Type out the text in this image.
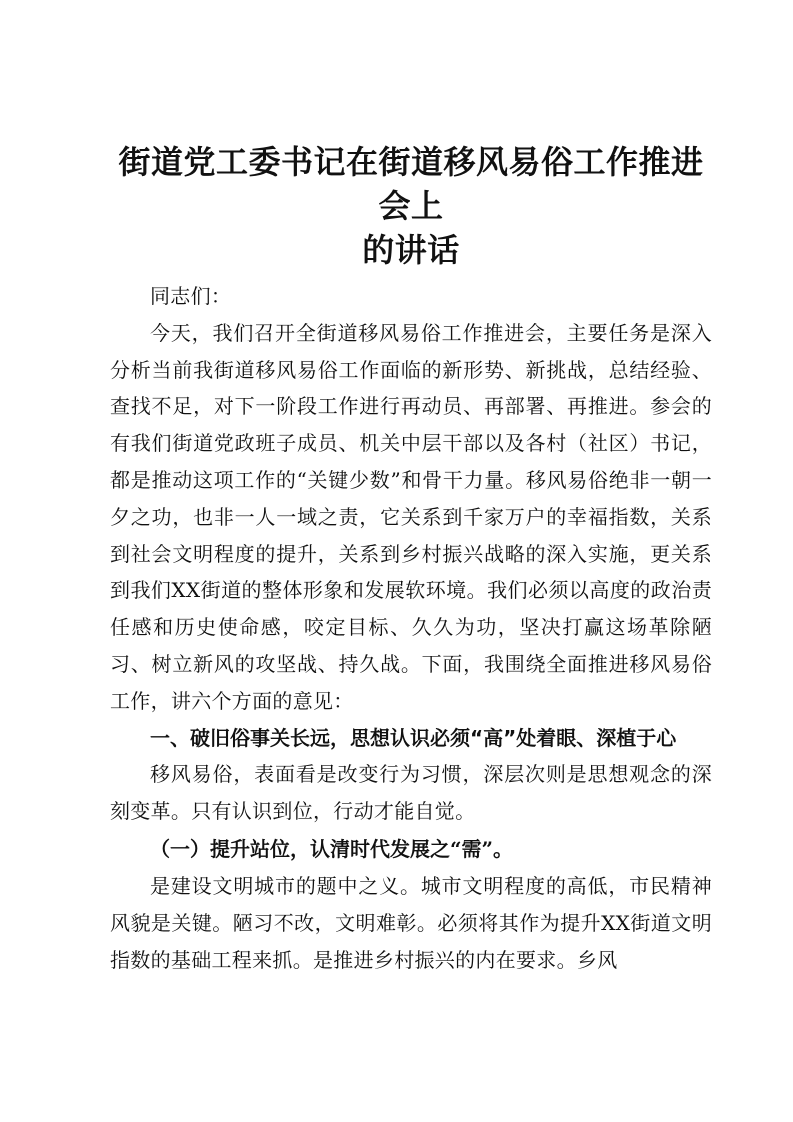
街道党工委书记在街道移风易俗工作推进会上
的讲话

同志们：

今天，我们召开全街道移风易俗工作推进会，主要任务是深入分析当前我街道移风易俗工作面临的新形势、新挑战，总结经验、查找不足，对下一阶段工作进行再动员、再部署、再推进。参会的有我们街道党政班子成员、机关中层干部以及各村（社区）书记，都是推动这项工作的“关键少数”和骨干力量。移风易俗绝非一朝一夕之功，也非一人一域之责，它关系到千家万户的幸福指数，关系到社会文明程度的提升，关系到乡村振兴战略的深入实施，更关系到我们XX街道的整体形象和发展软环境。我们必须以高度的政治责任感和历史使命感，咬定目标、久久为功，坚决打赢这场革除陋习、树立新风的攻坚战、持久战。下面，我围绕全面推进移风易俗工作，讲六个方面的意见：

一、破旧俗事关长远，思想认识必须“高”处着眼、深植于心

移风易俗，表面看是改变行为习惯，深层次则是思想观念的深刻变革。只有认识到位，行动才能自觉。

（一）提升站位，认清时代发展之“需”。

是建设文明城市的题中之义。城市文明程度的高低，市民精神风貌是关键。陋习不改，文明难彰。必须将其作为提升XX街道文明指数的基础工程来抓。是推进乡村振兴的内在要求。乡风
